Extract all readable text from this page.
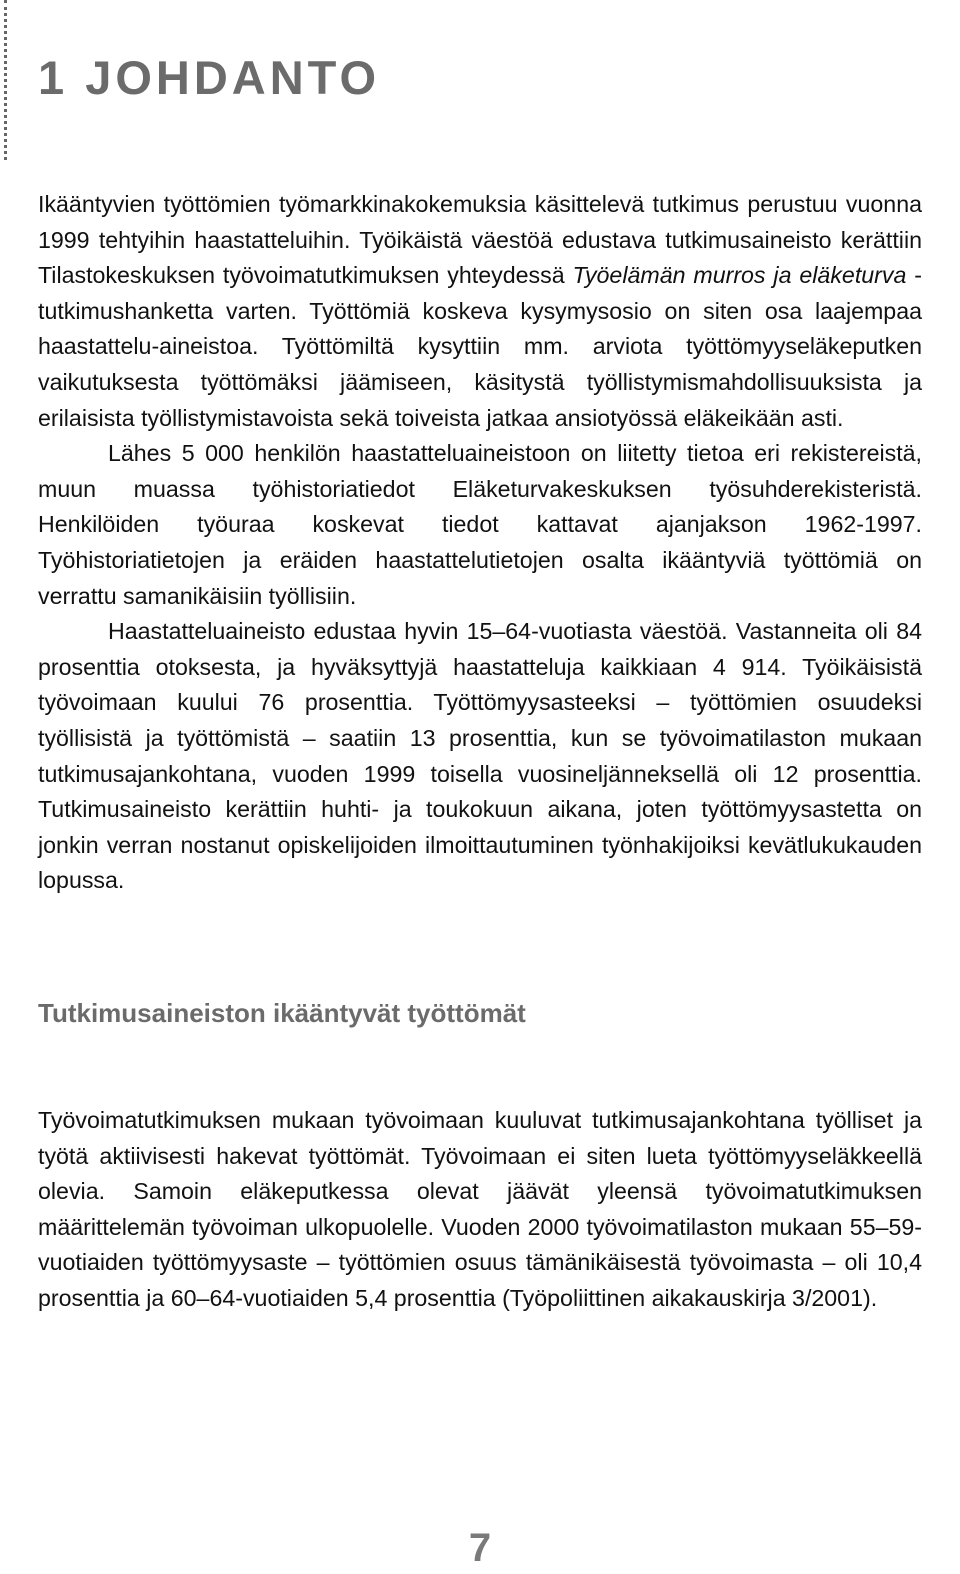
1 JOHDANTO

Ikääntyvien työttömien työmarkkinakokemuksia käsittelevä tutkimus perustuu vuonna 1999 tehtyihin haastatteluihin. Työikäistä väestöä edustava tutkimusaineisto kerättiin Tilastokeskuksen työvoimatutkimuksen yhteydessä Työelämän murros ja eläketurva -tutkimushanketta varten. Työttömiä koskeva kysymysosio on siten osa laajempaa haastattelu-aineistoa. Työttömiltä kysyttiin mm. arviota työttömyyseläkeputken vaikutuksesta työttömäksi jäämiseen, käsitystä työllistymismahdollisuuksista ja erilaisista työllistymistavoista sekä toiveista jatkaa ansiotyössä eläkeikään asti.

Lähes 5 000 henkilön haastatteluaineistoon on liitetty tietoa eri rekistereistä, muun muassa työhistoriatiedot Eläketurvakeskuksen työsuhderekisteristä. Henkilöiden työuraa koskevat tiedot kattavat ajanjakson 1962-1997. Työhistoriatietojen ja eräiden haastattelutietojen osalta ikääntyviä työttömiä on verrattu samanikäisiin työllisiin.

Haastatteluaineisto edustaa hyvin 15–64-vuotiasta väestöä. Vastanneita oli 84 prosenttia otoksesta, ja hyväksyttyjä haastatteluja kaikkiaan 4 914. Työikäisistä työvoimaan kuului 76 prosenttia. Työttömyysasteeksi – työttömien osuudeksi työllisistä ja työttömistä – saatiin 13 prosenttia, kun se työvoimatilaston mukaan tutkimusajankohtana, vuoden 1999 toisella vuosineljänneksellä oli 12 prosenttia. Tutkimusaineisto kerättiin huhti- ja toukokuun aikana, joten työttömyysastetta on jonkin verran nostanut opiskelijoiden ilmoittautuminen työnhakijoiksi kevätlukukauden lopussa.

Tutkimusaineiston ikääntyvät työttömät

Työvoimatutkimuksen mukaan työvoimaan kuuluvat tutkimusajankohtana työlliset ja työtä aktiivisesti hakevat työttömät. Työvoimaan ei siten lueta työttömyyseläkkeellä olevia. Samoin eläkeputkessa olevat jäävät yleensä työvoimatutkimuksen määrittelemän työvoiman ulkopuolelle. Vuoden 2000 työvoimatilaston mukaan 55–59-vuotiaiden työttömyysaste – työttömien osuus tämänikäisestä työvoimasta – oli 10,4 prosenttia ja 60–64-vuotiaiden 5,4 prosenttia (Työpoliittinen aikakauskirja 3/2001).

7
